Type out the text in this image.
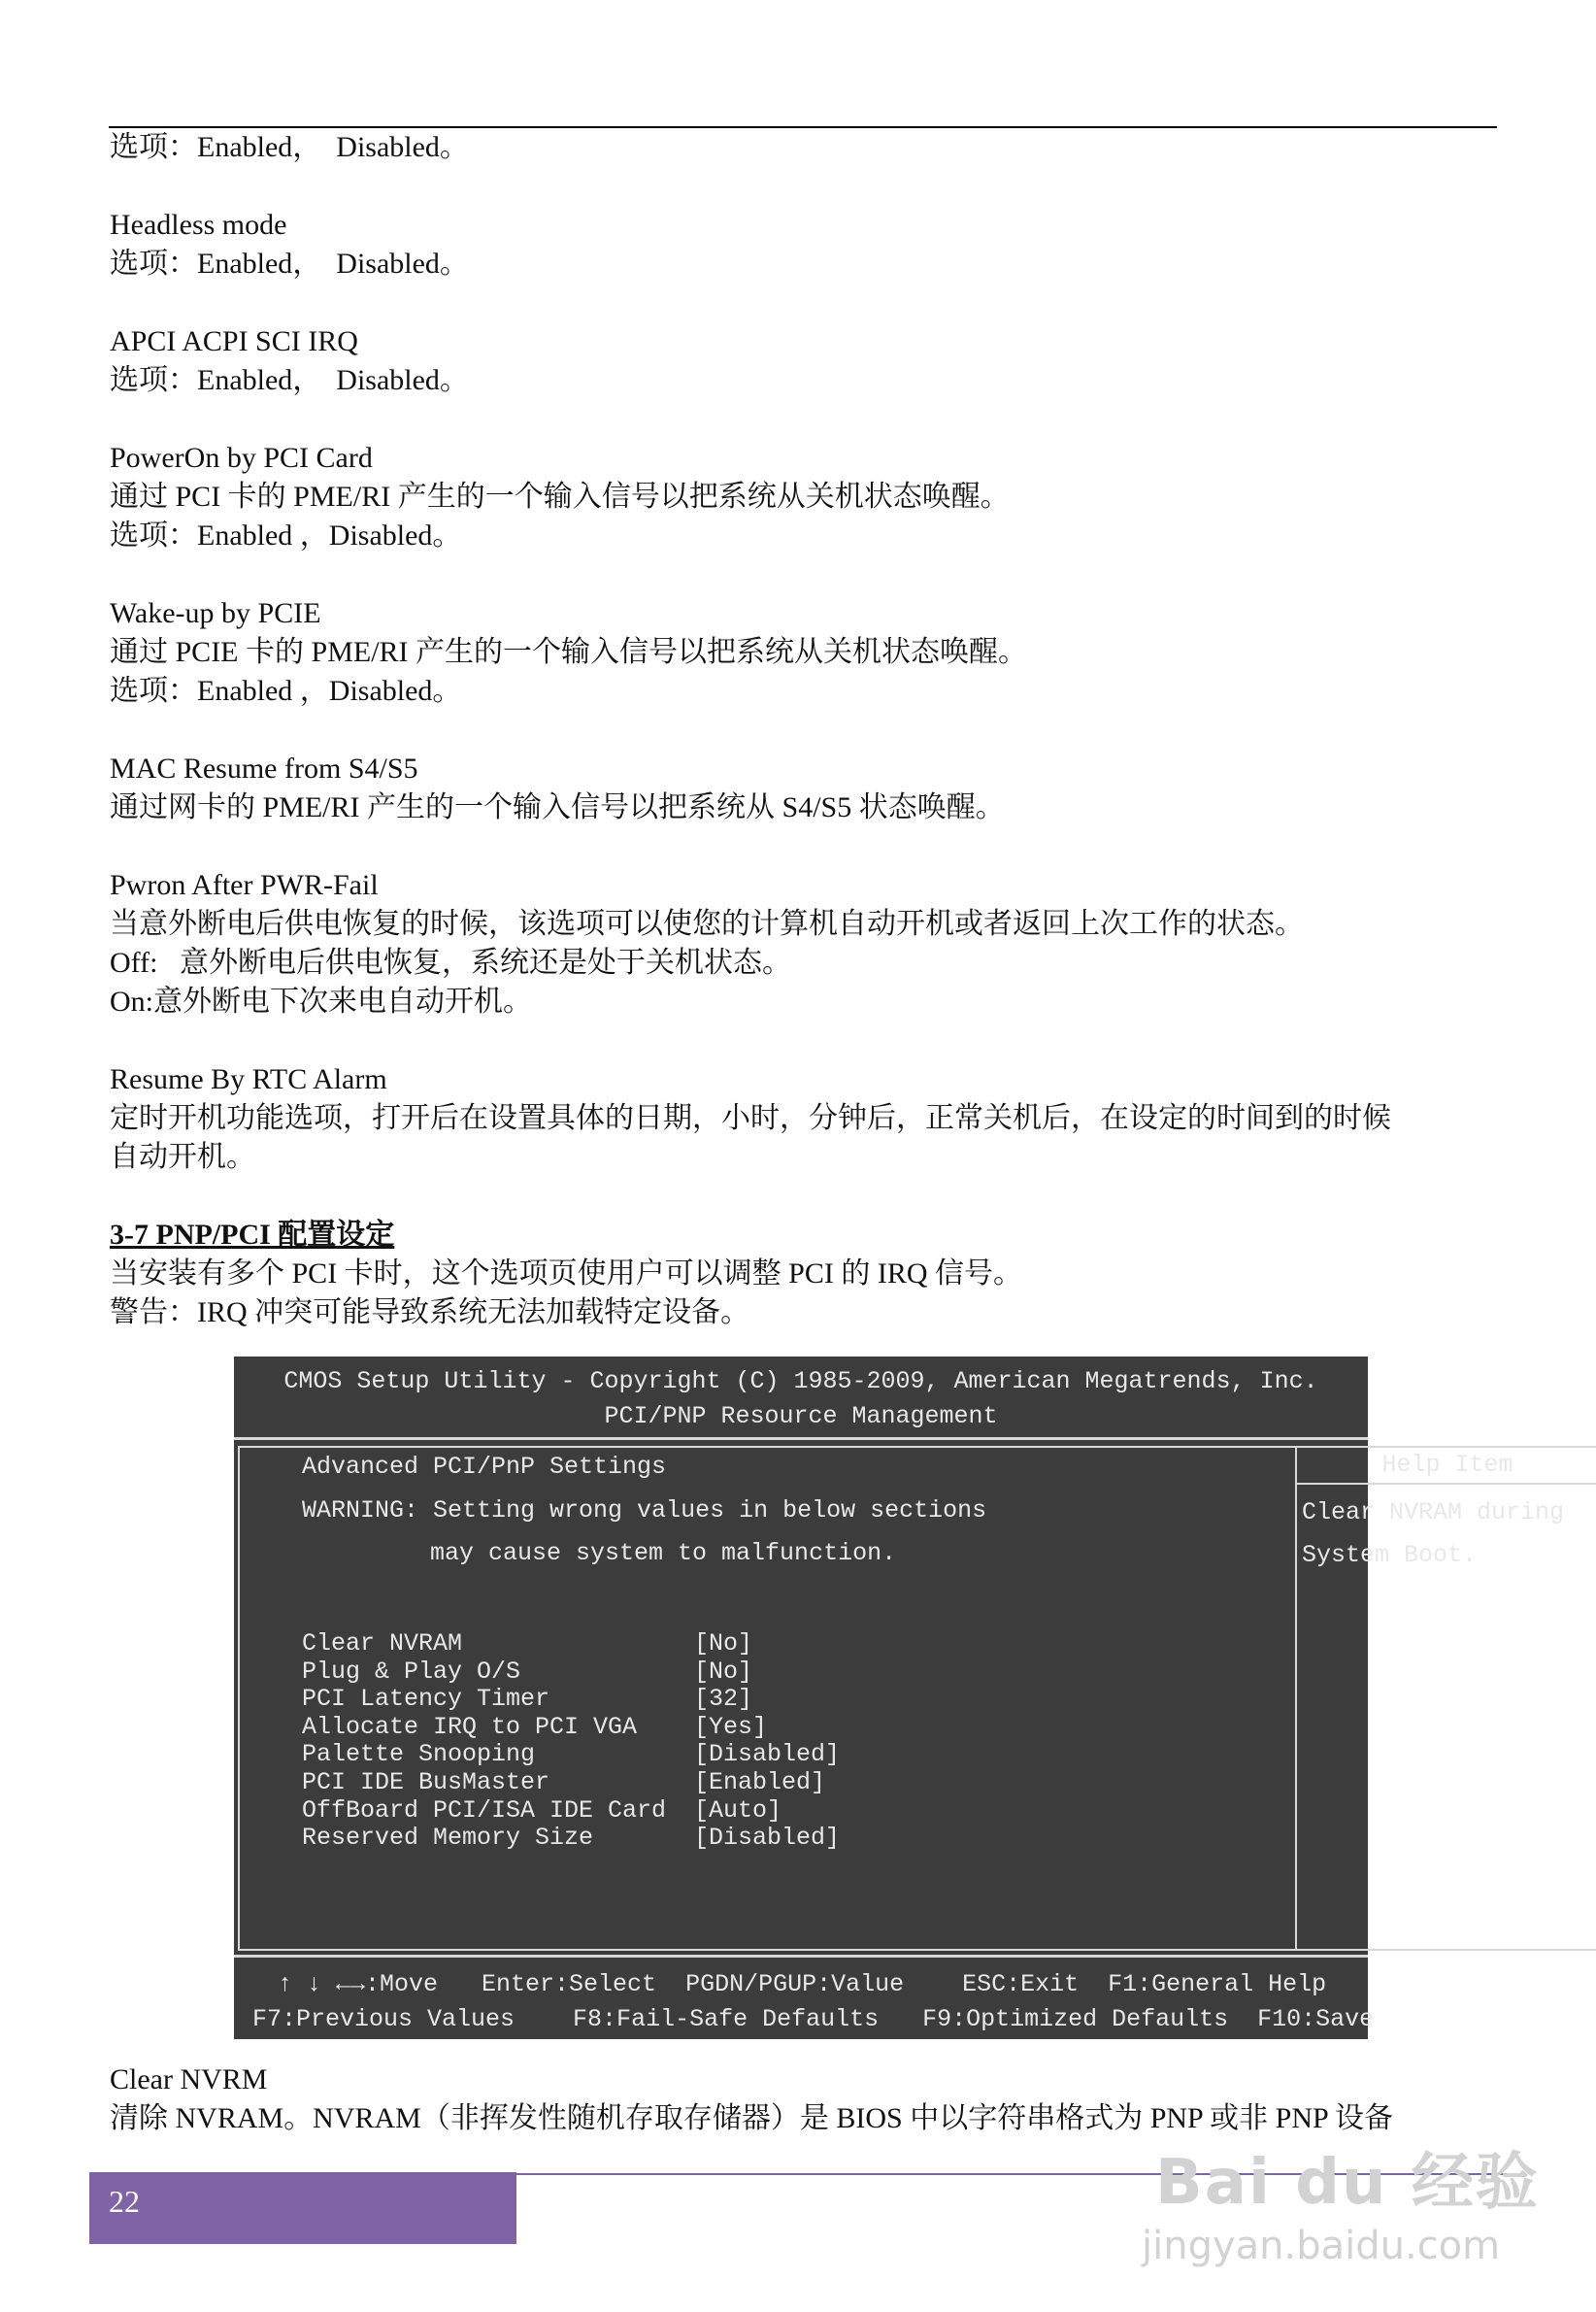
选项：Enabled，  Disabled。
Headless mode
选项：Enabled，  Disabled。
APCI ACPI SCI IRQ
选项：Enabled，  Disabled。
PowerOn by PCI Card
通过 PCI 卡的 PME/RI 产生的一个输入信号以把系统从关机状态唤醒。
选项：Enabled ，Disabled。
Wake-up by PCIE
通过 PCIE 卡的 PME/RI 产生的一个输入信号以把系统从关机状态唤醒。
选项：Enabled ，Disabled。
MAC Resume from S4/S5
通过网卡的 PME/RI 产生的一个输入信号以把系统从 S4/S5 状态唤醒。
Pwron After PWR-Fail
当意外断电后供电恢复的时候，该选项可以使您的计算机自动开机或者返回上次工作的状态。
Off:   意外断电后供电恢复，系统还是处于关机状态。
On:意外断电下次来电自动开机。
Resume By RTC Alarm
定时开机功能选项，打开后在设置具体的日期，小时，分钟后，正常关机后，在设定的时间到的时候
自动开机。
3-7 PNP/PCI 配置设定
当安装有多个 PCI 卡时，这个选项页使用户可以调整 PCI 的 IRQ 信号。
警告：IRQ 冲突可能导致系统无法加载特定设备。
CMOS Setup Utility - Copyright (C) 1985-2009, American Megatrends, Inc.
PCI/PNP Resource Management
Help Item
Advanced PCI/PnP Settings
WARNING: Setting wrong values in below sections
may cause system to malfunction.
Clear NVRAM	[No]
Plug & Play O/S	[No]
PCI Latency Timer	[32]
Allocate IRQ to PCI VGA [Yes]
Palette Snooping	[Disabled]
PCI IDE BusMaster	[Enabled]
OffBoard PCI/ISA IDE Card [Auto]
Reserved Memory Size	[Disabled]
Clear NVRAM during
System Boot.
↑ ↓ ←→:Move   Enter:Select  PGDN/PGUP:Value    ESC:Exit  F1:General Help
F7:Previous Values    F8:Fail-Safe Defaults   F9:Optimized Defaults  F10:Save
Clear NVRM
清除 NVRAM。NVRAM（非挥发性随机存取存储器）是 BIOS 中以字符串格式为 PNP 或非 PNP 设备
22	Bai du 经验
jingyan.baidu.com
